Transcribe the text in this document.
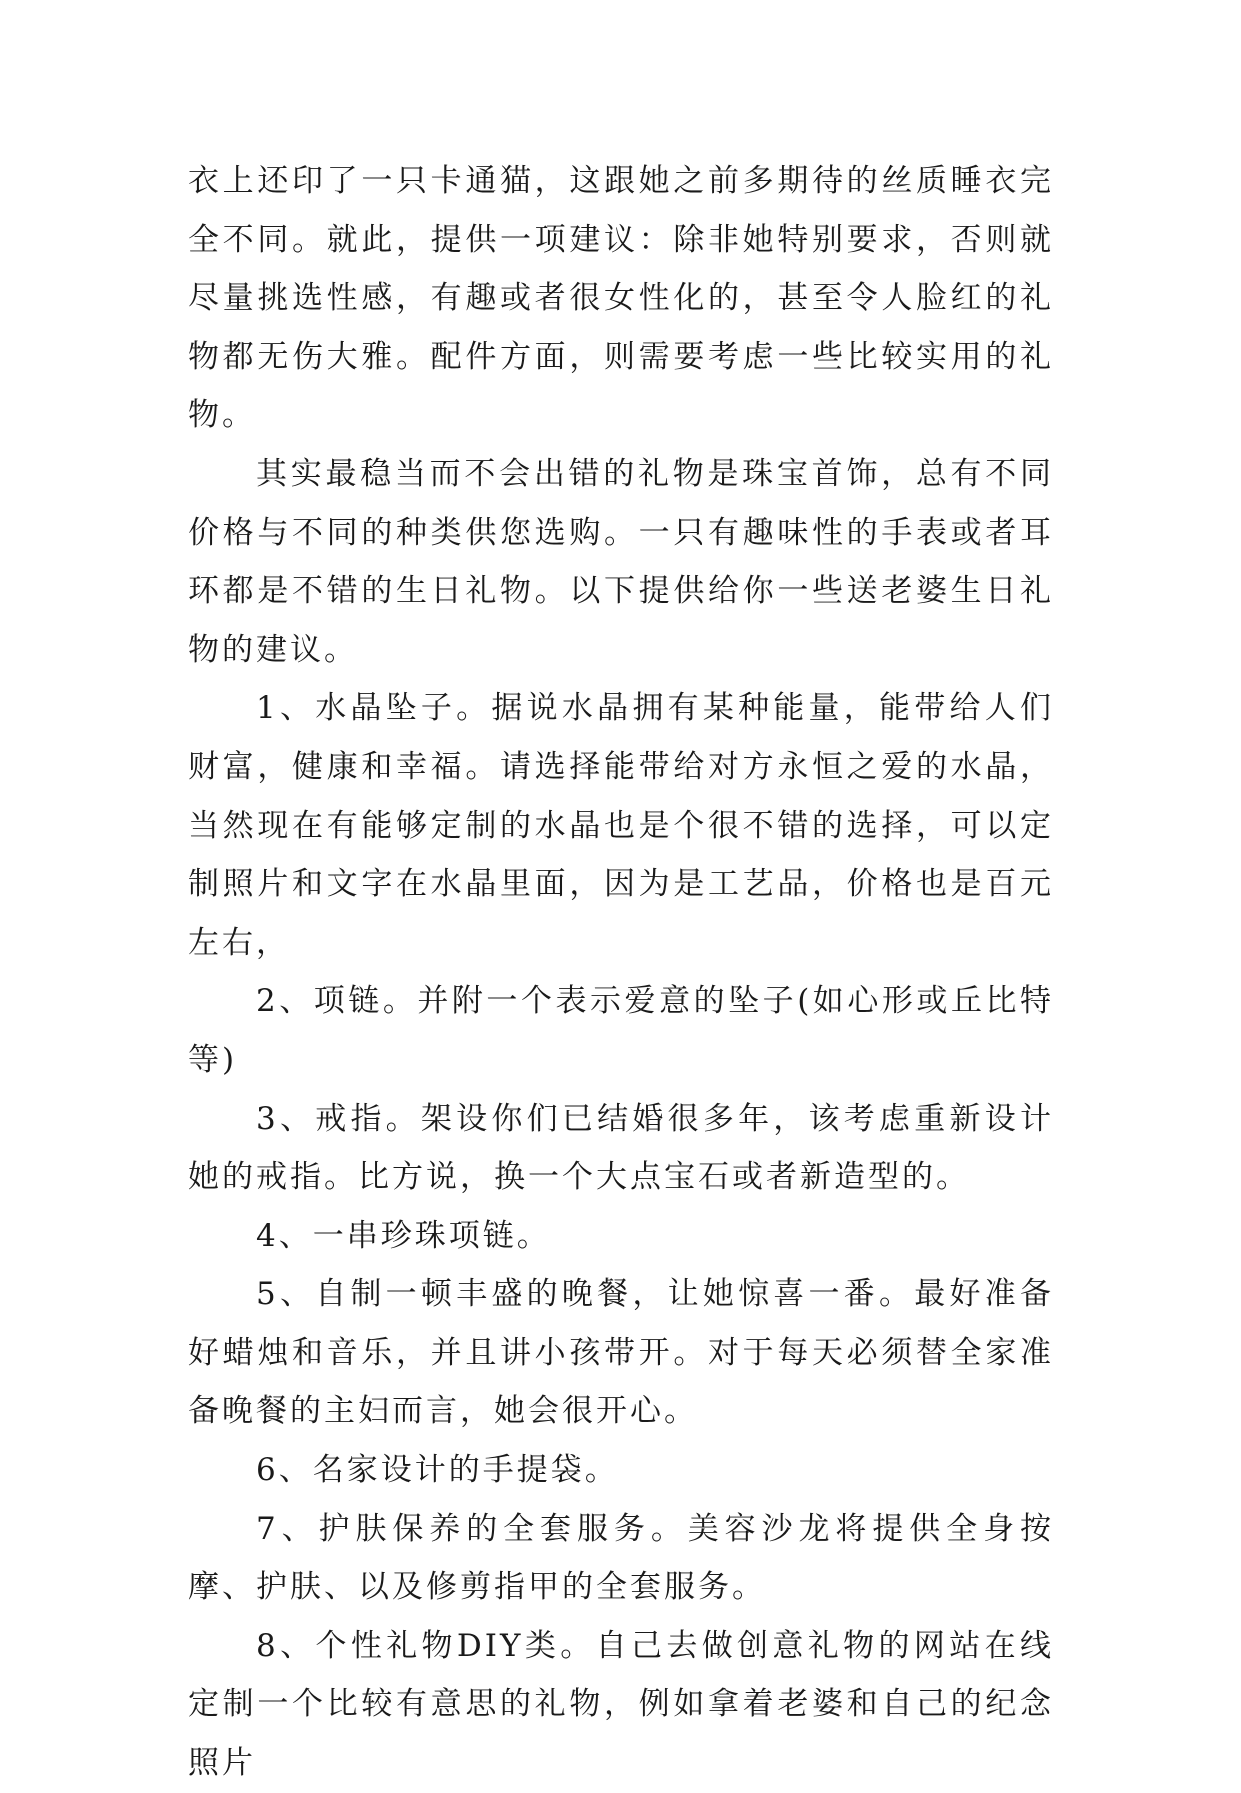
衣上还印了一只卡通猫，这跟她之前多期待的丝质睡衣完全不同。就此，提供一项建议：除非她特别要求，否则就尽量挑选性感，有趣或者很女性化的，甚至令人脸红的礼物都无伤大雅。配件方面，则需要考虑一些比较实用的礼物。

其实最稳当而不会出错的礼物是珠宝首饰，总有不同价格与不同的种类供您选购。一只有趣味性的手表或者耳环都是不错的生日礼物。以下提供给你一些送老婆生日礼物的建议。

1、水晶坠子。据说水晶拥有某种能量，能带给人们财富，健康和幸福。请选择能带给对方永恒之爱的水晶，当然现在有能够定制的水晶也是个很不错的选择，可以定制照片和文字在水晶里面，因为是工艺品，价格也是百元左右，

2、项链。并附一个表示爱意的坠子(如心形或丘比特等)

3、戒指。架设你们已结婚很多年，该考虑重新设计她的戒指。比方说，换一个大点宝石或者新造型的。

4、一串珍珠项链。

5、自制一顿丰盛的晚餐，让她惊喜一番。最好准备好蜡烛和音乐，并且讲小孩带开。对于每天必须替全家准备晚餐的主妇而言，她会很开心。

6、名家设计的手提袋。

7、护肤保养的全套服务。美容沙龙将提供全身按摩、护肤、以及修剪指甲的全套服务。

8、个性礼物DIY类。自己去做创意礼物的网站在线定制一个比较有意思的礼物，例如拿着老婆和自己的纪念照片
